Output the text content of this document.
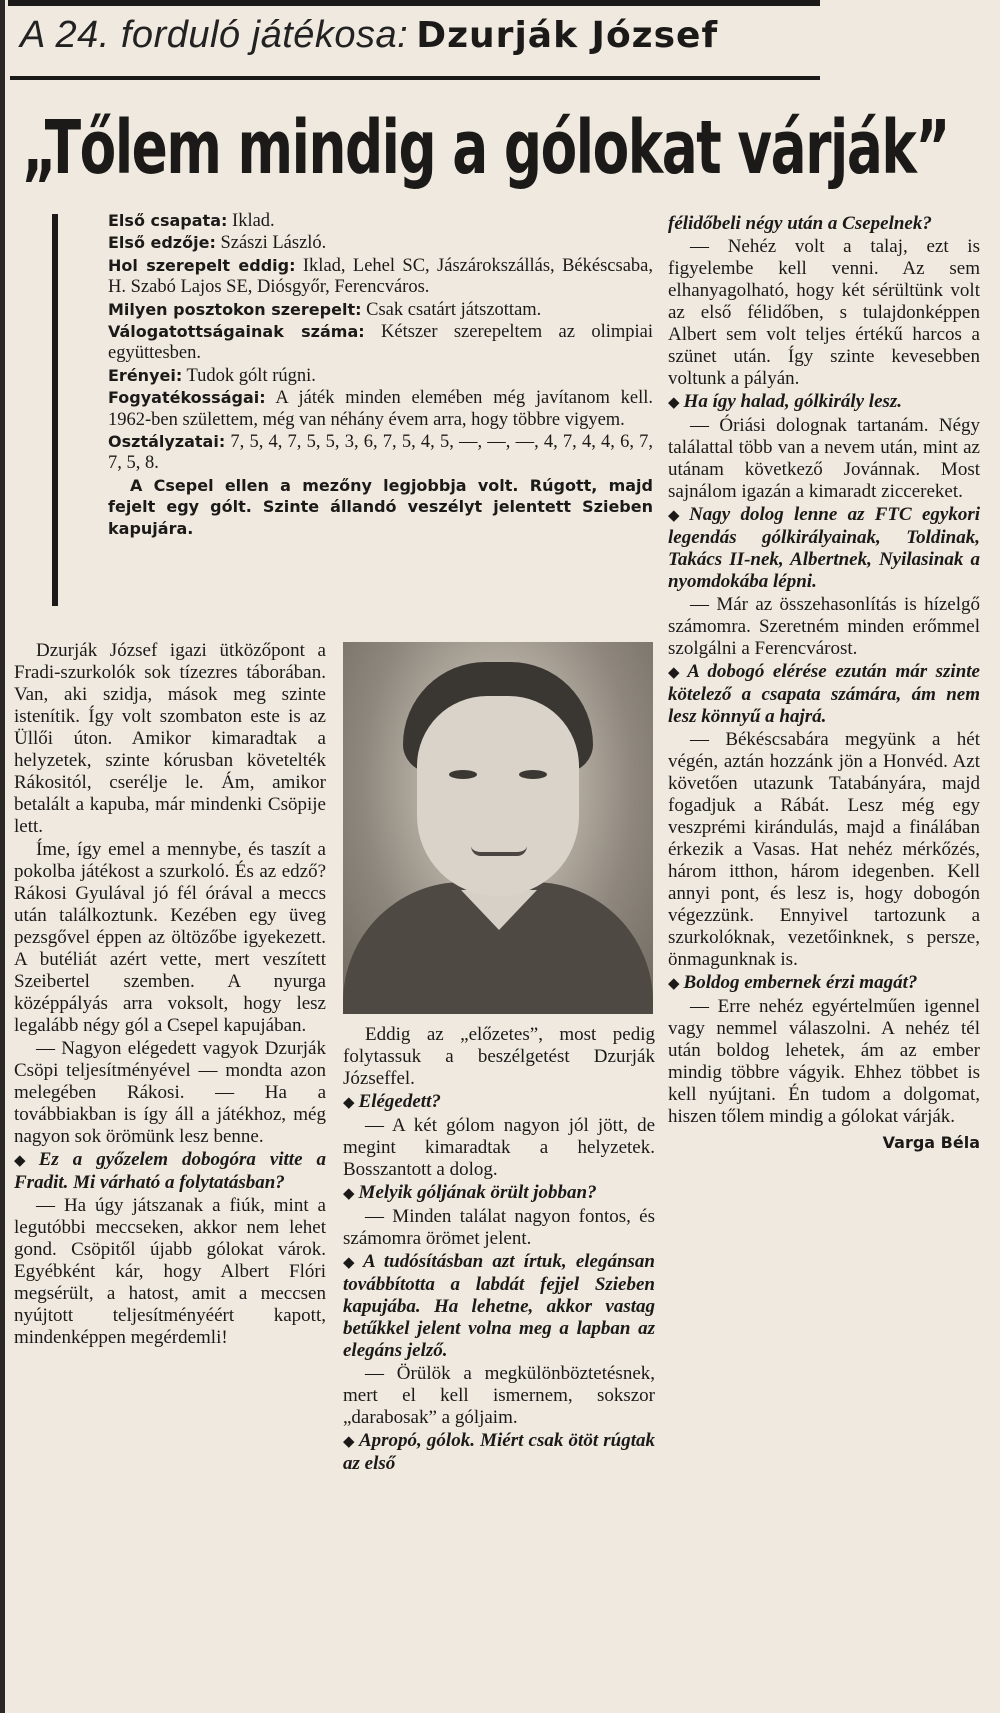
A 24. forduló játékosa: Dzurják József
„Tőlem mindig a gólokat várják”

Első csapata: Iklad.

Első edzője: Szászi László.

Hol szerepelt eddig: Iklad, Lehel SC, Jászárokszállás, Békéscsaba, H. Szabó Lajos SE, Diósgyőr, Ferencváros.

Milyen posztokon szerepelt: Csak csatárt játszottam.

Válogatottságainak száma: Kétszer szerepeltem az olimpiai együttesben.

Erényei: Tudok gólt rúgni.

Fogyatékosságai: A játék minden elemében még javítanom kell. 1962-ben születtem, még van néhány évem arra, hogy többre vigyem.

Osztályzatai: 7, 5, 4, 7, 5, 5, 3, 6, 7, 5, 4, 5, —, —, —, 4, 7, 4, 4, 6, 7, 7, 5, 8.

A Csepel ellen a mezőny legjobbja volt. Rúgott, majd fejelt egy gólt. Szinte állandó veszélyt jelentett Szieben kapujára.

Dzurják József igazi ütközőpont a Fradi-szurkolók sok tízezres táborában. Van, aki szidja, mások meg szinte istenítik. Így volt szombaton este is az Üllői úton. Amikor kimaradtak a helyzetek, szinte kórusban követelték Rákositól, cserélje le. Ám, amikor betalált a kapuba, már mindenki Csöpije lett.

Íme, így emel a mennybe, és taszít a pokolba játékost a szurkoló. És az edző? Rákosi Gyulával jó fél órával a meccs után találkoztunk. Kezében egy üveg pezsgővel éppen az öltözőbe igyekezett. A butéliát azért vette, mert veszített Szeibertel szemben. A nyurga középpályás arra voksolt, hogy lesz legalább négy gól a Csepel kapujában.

— Nagyon elégedett vagyok Dzurják Csöpi teljesítményével — mondta azon melegében Rákosi. — Ha a továbbiakban is így áll a játékhoz, még nagyon sok örömünk lesz benne.

◆ Ez a győzelem dobogóra vitte a Fradit. Mi várható a folytatásban?

— Ha úgy játszanak a fiúk, mint a legutóbbi meccseken, akkor nem lehet gond. Csöpitől újabb gólokat várok. Egyébként kár, hogy Albert Flóri megsérült, a hatost, amit a meccsen nyújtott teljesítményéért kapott, mindenképpen megérdemli!

Eddig az „előzetes”, most pedig folytassuk a beszélgetést Dzurják Józseffel.

◆ Elégedett?

— A két gólom nagyon jól jött, de megint kimaradtak a helyzetek. Bosszantott a dolog.

◆ Melyik góljának örült jobban?

— Minden találat nagyon fontos, és számomra örömet jelent.

◆ A tudósításban azt írtuk, elegánsan továbbította a labdát fejjel Szieben kapujába. Ha lehetne, akkor vastag betűkkel jelent volna meg a lapban az elegáns jelző.

— Örülök a megkülönböztetésnek, mert el kell ismernem, sokszor „darabosak” a góljaim.

◆ Apropó, gólok. Miért csak ötöt rúgtak az első

félidőbeli négy után a Csepelnek?

— Nehéz volt a talaj, ezt is figyelembe kell venni. Az sem elhanyagolható, hogy két sérültünk volt az első félidőben, s tulajdonképpen Albert sem volt teljes értékű harcos a szünet után. Így szinte kevesebben voltunk a pályán.

◆ Ha így halad, gólkirály lesz.

— Óriási dolognak tartanám. Négy találattal több van a nevem után, mint az utánam következő Jovánnak. Most sajnálom igazán a kimaradt ziccereket.

◆ Nagy dolog lenne az FTC egykori legendás gólkirályainak, Toldinak, Takács II-nek, Albertnek, Nyilasinak a nyomdokába lépni.

— Már az összehasonlítás is hízelgő számomra. Szeretném minden erőmmel szolgálni a Ferencvárost.

◆ A dobogó elérése ezután már szinte kötelező a csapata számára, ám nem lesz könnyű a hajrá.

— Békéscsabára megyünk a hét végén, aztán hozzánk jön a Honvéd. Azt követően utazunk Tatabányára, majd fogadjuk a Rábát. Lesz még egy veszprémi kirándulás, majd a finálában érkezik a Vasas. Hat nehéz mérkőzés, három itthon, három idegenben. Kell annyi pont, és lesz is, hogy dobogón végezzünk. Ennyivel tartozunk a szurkolóknak, vezetőinknek, s persze, önmagunknak is.

◆ Boldog embernek érzi magát?

— Erre nehéz egyértelműen igennel vagy nemmel válaszolni. A nehéz tél után boldog lehetek, ám az ember mindig többre vágyik. Ehhez többet is kell nyújtani. Én tudom a dolgomat, hiszen tőlem mindig a gólokat várják.

Varga Béla
